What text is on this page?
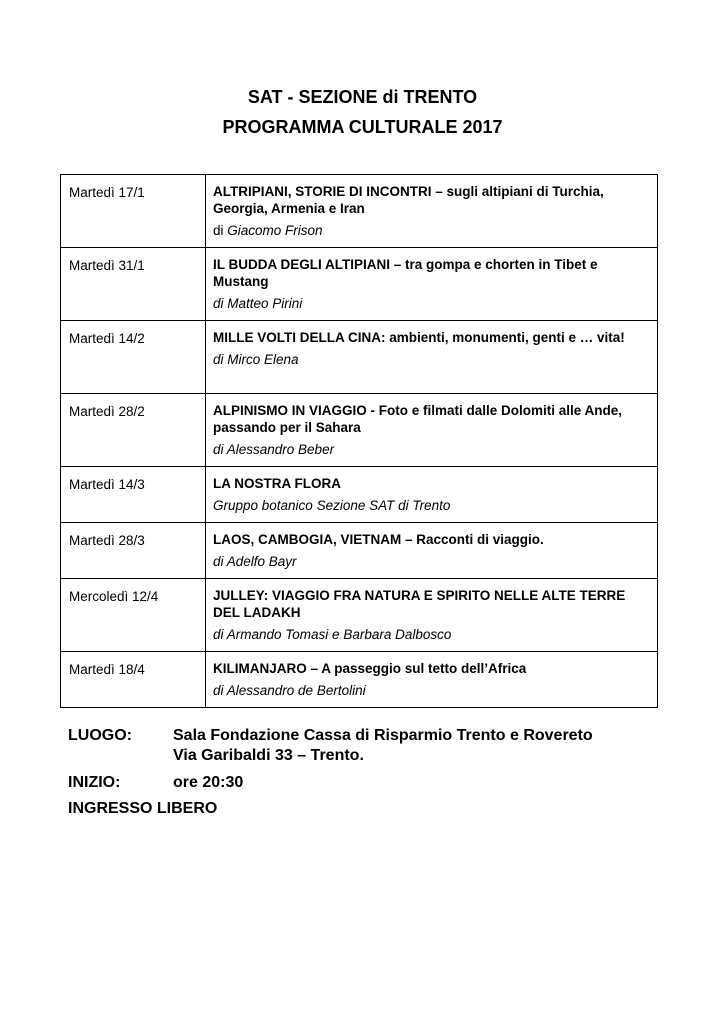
SAT - SEZIONE di TRENTO
PROGRAMMA CULTURALE 2017
Martedì 17/1	ALTRIPIANI, STORIE DI INCONTRI – sugli altipiani di Turchia, Georgia, Armenia e Iran
di Giacomo Frison

Martedì 31/1	IL BUDDA DEGLI ALTIPIANI – tra gompa e chorten in Tibet e Mustang
di Matteo Pirini

Martedì 14/2	MILLE VOLTI DELLA CINA: ambienti, monumenti, genti e … vita!
di Mirco Elena

Martedì 28/2	ALPINISMO IN VIAGGIO - Foto e filmati dalle Dolomiti alle Ande, passando per il Sahara
di Alessandro Beber

Martedì 14/3	LA NOSTRA FLORA
Gruppo botanico Sezione SAT di Trento

Martedì 28/3	LAOS, CAMBOGIA, VIETNAM – Racconti di viaggio.
di Adelfo Bayr

Mercoledì 12/4	JULLEY: VIAGGIO FRA NATURA E SPIRITO NELLE ALTE TERRE DEL LADAKH
di Armando Tomasi e Barbara Dalbosco

Martedì 18/4	KILIMANJARO – A passeggio sul tetto dell’Africa
di Alessandro de Bertolini
LUOGO:	Sala Fondazione Cassa di Risparmio Trento e Rovereto
Via Garibaldi 33 – Trento.
INIZIO:	ore 20:30
INGRESSO LIBERO
